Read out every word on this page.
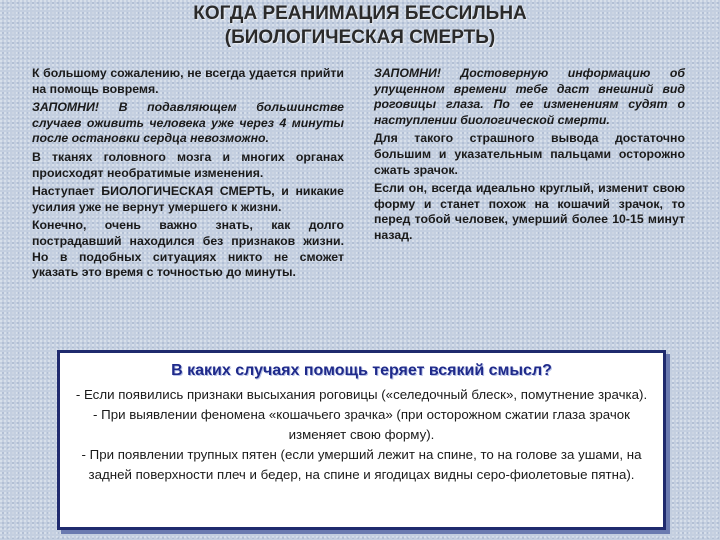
КОГДА РЕАНИМАЦИЯ БЕССИЛЬНА
(БИОЛОГИЧЕСКАЯ СМЕРТЬ)

К большому сожалению, не всегда удается прийти на помощь вовремя.

ЗАПОМНИ! В подавляющем большинстве случаев оживить человека уже через 4 минуты после остановки сердца невозможно.

В тканях головного мозга и многих органах происходят необратимые изменения.

Наступает БИОЛОГИЧЕСКАЯ СМЕРТЬ, и никакие усилия уже не вернут умершего к жизни.

Конечно, очень важно знать, как долго пострадавший находился без признаков жизни. Но в подобных ситуациях никто не сможет указать это время с точностью до минуты.

ЗАПОМНИ! Достоверную информацию об упущенном времени тебе даст внешний вид роговицы глаза. По ее изменениям судят о наступлении биологической смерти.

Для такого страшного вывода достаточно большим и указательным пальцами осторожно сжать зрачок.

Если он, всегда идеально круглый, изменит свою форму и станет похож на кошачий зрачок, то перед тобой человек, умерший более 10-15 минут назад.

В каких случаях помощь теряет всякий смысл?

- Если появились признаки высыхания роговицы («селедочный блеск», помутнение зрачка).

- При выявлении феномена «кошачьего зрачка» (при осторожном сжатии глаза зрачок изменяет свою форму).

- При появлении трупных пятен (если умерший лежит на спине, то на голове за ушами, на задней поверхности плеч и бедер, на спине и ягодицах видны серо-фиолетовые пятна).
